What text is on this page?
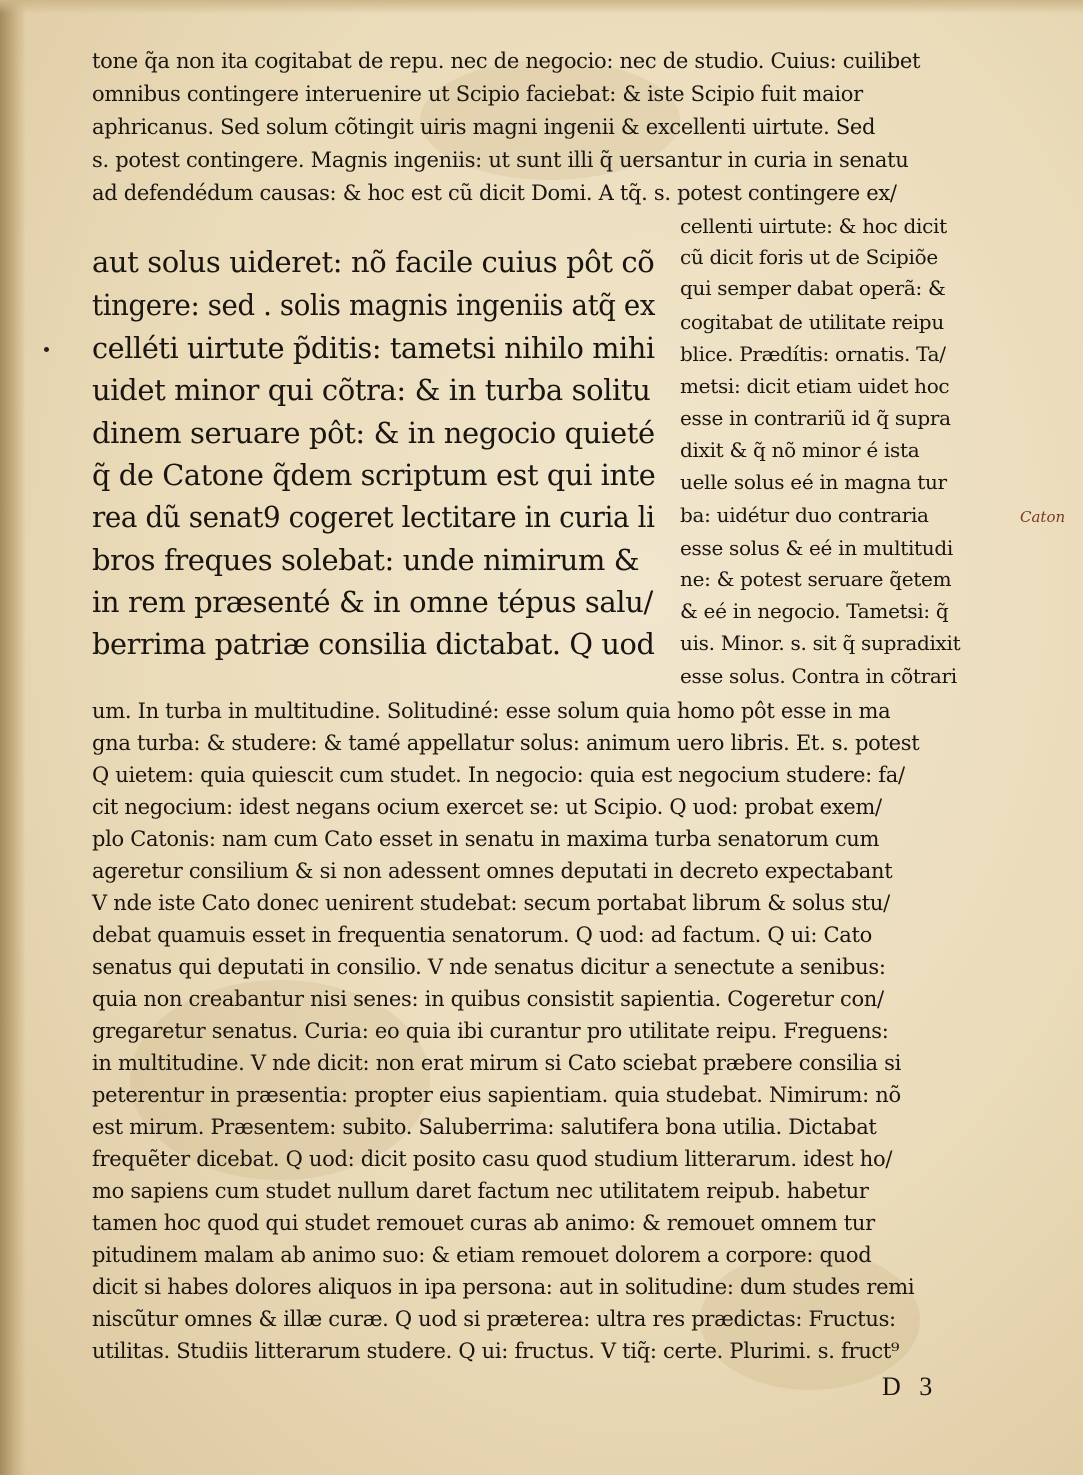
tone q̃a non ita cogitabat de repu. nec de negocio: nec de studio. Cuius: cuilibet
omnibus contingere interuenire ut Scipio faciebat: & iste Scipio fuit maior
aphricanus. Sed solum cõtingit uiris magni ingenii & excellenti uirtute. Sed
s. potest contingere. Magnis ingeniis: ut sunt illi q̃ uersantur in curia in senatu
ad defendédum causas: & hoc est cũ dicit Domi. A tq̃. s. potest contingere ex/
aut solus uideret: nõ facile cuius pôt cõ
tingere: sed . solis magnis ingeniis atq̃ ex
celléti uirtute p̃ditis: tametsi nihilo mihi
uidet minor qui cõtra: & in turba solitu
dinem seruare pôt: & in negocio quieté
q̃ de Catone q̃dem scriptum est qui inte
rea dũ senat9 cogeret lectitare in curia li
bros freques solebat: unde nimirum &
in rem præsenté & in omne tépus salu/
berrima patriæ consilia dictabat. Q uod
cellenti uirtute: & hoc dicit
cũ dicit foris ut de Scipiõe
qui semper dabat operã: &
cogitabat de utilitate reipu
blice. Prædítis: ornatis. Ta/
metsi: dicit etiam uidet hoc
esse in contrariũ id q̃ supra
dixit & q̃ nõ minor é ista
uelle solus eé in magna tur
ba: uidétur duo contraria
esse solus & eé in multitudi
ne: & potest seruare q̃etem
& eé in negocio. Tametsi: q̃
uis. Minor. s. sit q̃ supradixit
esse solus. Contra in cõtrari
Caton
um. In turba in multitudine. Solitudiné: esse solum quia homo pôt esse in ma
gna turba: & studere: & tamé appellatur solus: animum uero libris. Et. s. potest
Q uietem: quia quiescit cum studet. In negocio: quia est negocium studere: fa/
cit negocium: idest negans ocium exercet se: ut Scipio. Q uod: probat exem/
plo Catonis: nam cum Cato esset in senatu in maxima turba senatorum cum
ageretur consilium & si non adessent omnes deputati in decreto expectabant
V nde iste Cato donec uenirent studebat: secum portabat librum & solus stu/
debat quamuis esset in frequentia senatorum. Q uod: ad factum. Q ui: Cato
senatus qui deputati in consilio. V nde senatus dicitur a senectute a senibus:
quia non creabantur nisi senes: in quibus consistit sapientia. Cogeretur con/
gregaretur senatus. Curia: eo quia ibi curantur pro utilitate reipu. Freguens:
in multitudine. V nde dicit: non erat mirum si Cato sciebat præbere consilia si
peterentur in præsentia: propter eius sapientiam. quia studebat. Nimirum: nõ
est mirum. Præsentem: subito. Saluberrima: salutifera bona utilia. Dictabat
frequẽter dicebat. Q uod: dicit posito casu quod studium litterarum. idest ho/
mo sapiens cum studet nullum daret factum nec utilitatem reipub. habetur
tamen hoc quod qui studet remouet curas ab animo: & remouet omnem tur
pitudinem malam ab animo suo: & etiam remouet dolorem a corpore: quod
dicit si habes dolores aliquos in ipa persona: aut in solitudine: dum studes remi
niscũtur omnes & illæ curæ. Q uod si præterea: ultra res prædictas: Fructus:
utilitas. Studiis litterarum studere. Q ui: fructus. V tiq̃: certe. Plurimi. s. fruct⁹
D 3
